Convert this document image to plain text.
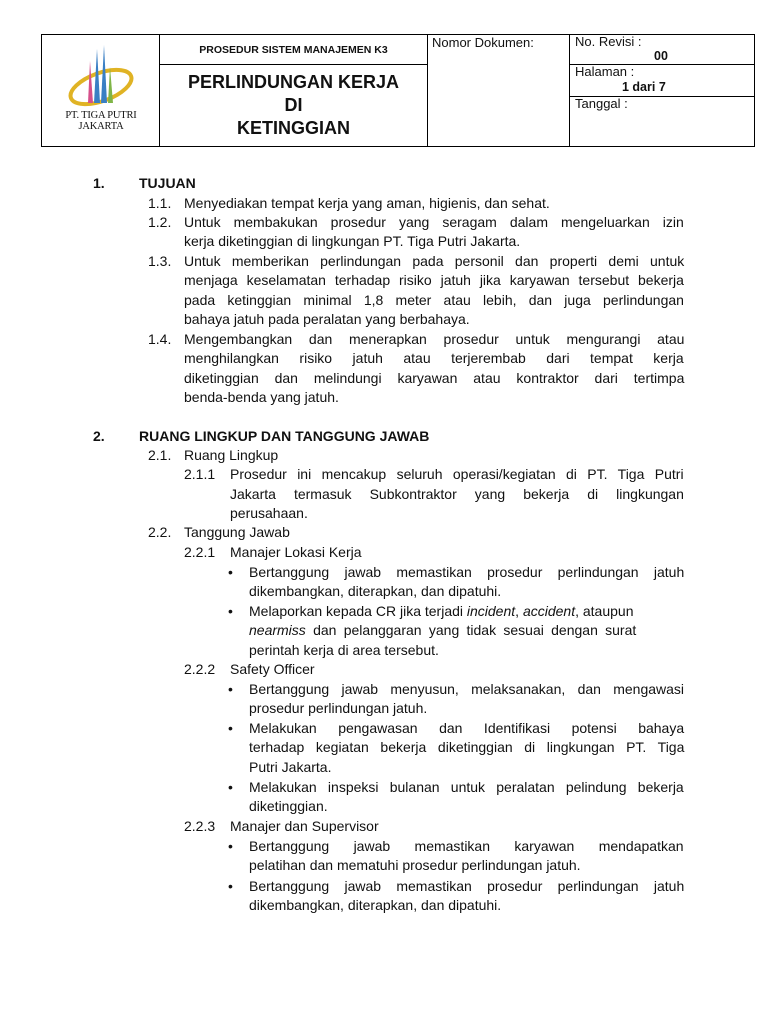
PT. TIGA PUTRI JAKARTA
PROSEDUR SISTEM MANAJEMEN K3
PERLINDUNGAN KERJA DI
KETINGGIAN
Nomor Dokumen:	No. Revisi :
00
Halaman :
1 dari 7
Tanggal :
1. TUJUAN
1.1. Menyediakan tempat kerja yang aman, higienis, dan sehat.
1.2. Untuk membakukan prosedur yang seragam dalam mengeluarkan izin
kerja diketinggian di lingkungan PT. Tiga Putri Jakarta.
1.3. Untuk memberikan perlindungan pada personil dan properti demi untuk
menjaga keselamatan terhadap risiko jatuh jika karyawan tersebut bekerja
pada ketinggian minimal 1,8 meter atau lebih, dan juga perlindungan
bahaya jatuh pada peralatan yang berbahaya.
1.4. Mengembangkan dan menerapkan prosedur untuk mengurangi atau
menghilangkan risiko jatuh atau terjerembab dari tempat kerja
diketinggian dan melindungi karyawan atau kontraktor dari tertimpa
benda-benda yang jatuh.
2. RUANG LINGKUP DAN TANGGUNG JAWAB
2.1. Ruang Lingkup
2.1.1 Prosedur ini mencakup seluruh operasi/kegiatan di PT. Tiga Putri
Jakarta termasuk Subkontraktor yang bekerja di lingkungan
perusahaan.
2.2. Tanggung Jawab
2.2.1 Manajer Lokasi Kerja
• Bertanggung jawab memastikan prosedur perlindungan jatuh
dikembangkan, diterapkan, dan dipatuhi.
• Melaporkan kepada CR jika terjadi incident, accident, ataupun
nearmiss dan pelanggaran yang tidak sesuai dengan surat
perintah kerja di area tersebut.
2.2.2 Safety Officer
• Bertanggung jawab menyusun, melaksanakan, dan mengawasi
prosedur perlindungan jatuh.
• Melakukan pengawasan dan Identifikasi potensi bahaya
terhadap kegiatan bekerja diketinggian di lingkungan PT. Tiga
Putri Jakarta.
• Melakukan inspeksi bulanan untuk peralatan pelindung bekerja
diketinggian.
2.2.3 Manajer dan Supervisor
• Bertanggung jawab memastikan karyawan mendapatkan
pelatihan dan mematuhi prosedur perlindungan jatuh.
• Bertanggung jawab memastikan prosedur perlindungan jatuh
dikembangkan, diterapkan, dan dipatuhi.
